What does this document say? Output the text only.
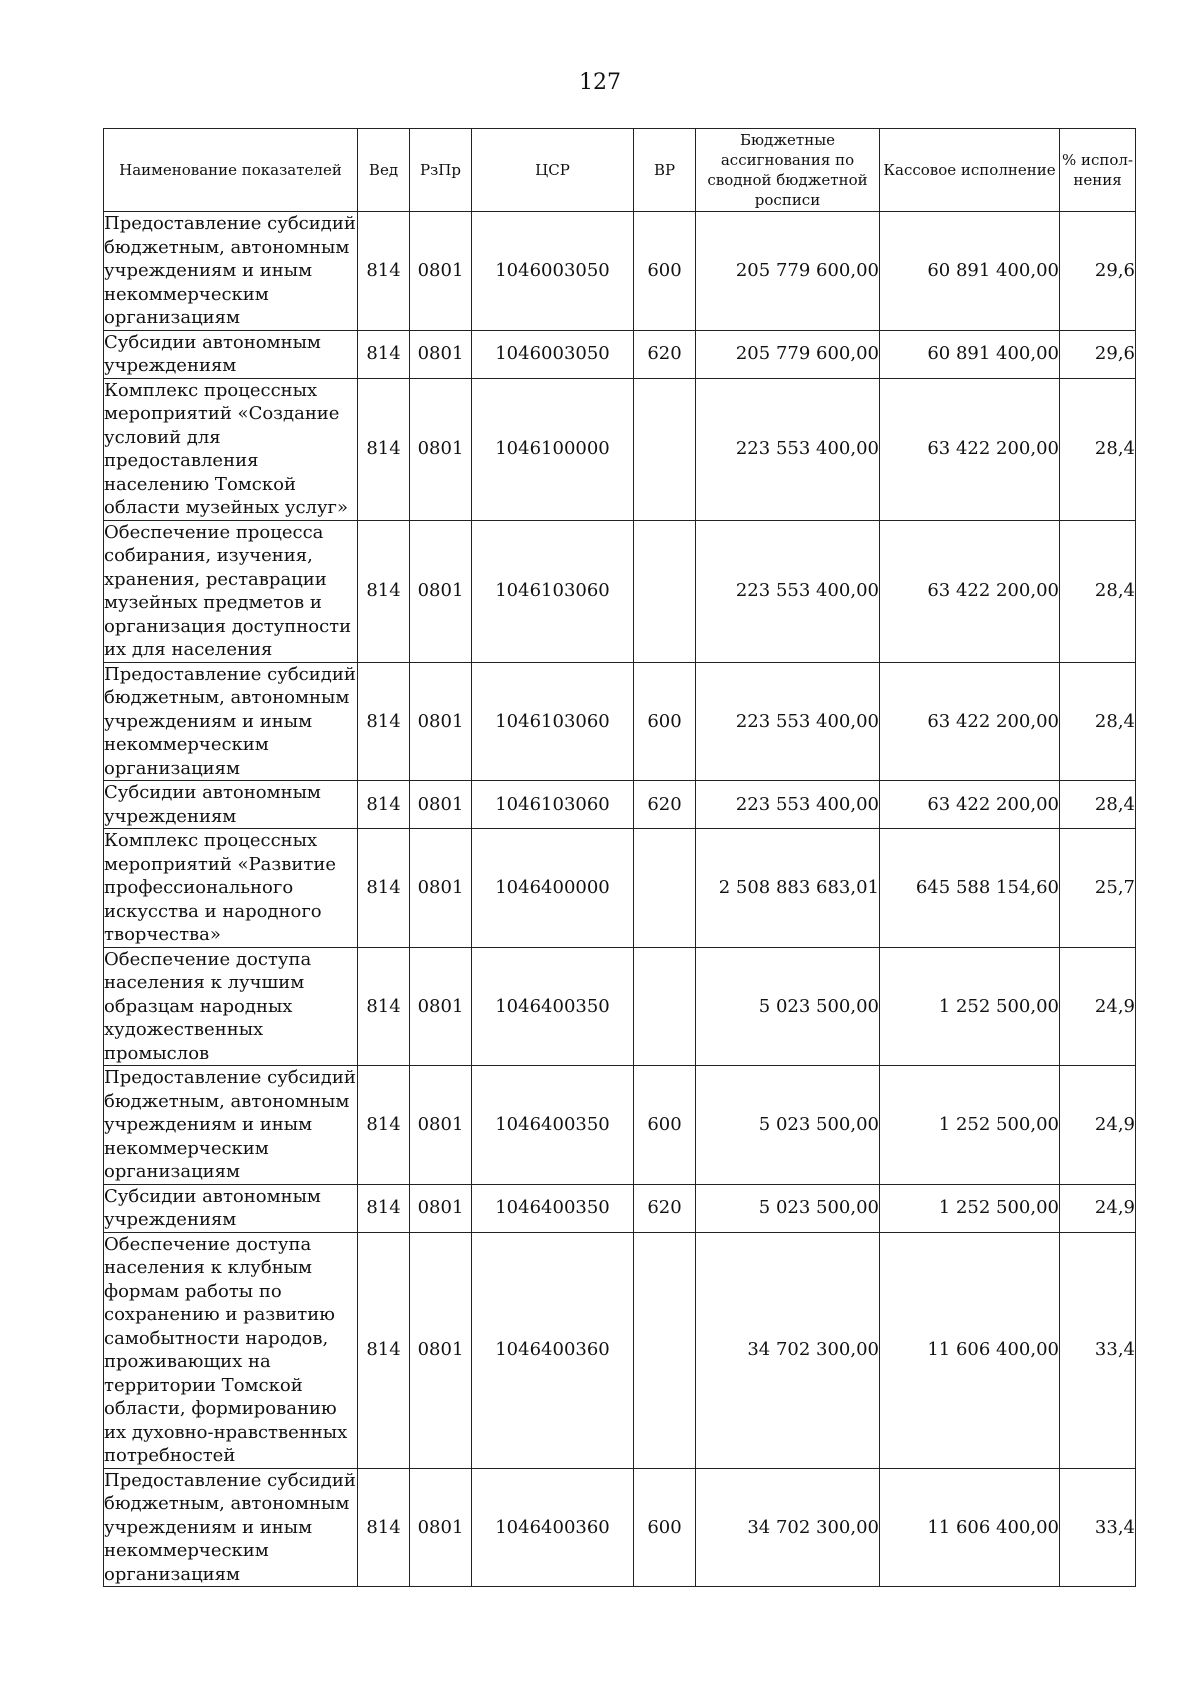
127
Наименование показателей	Вед	РзПр	ЦСР	ВР	Бюджетные ассигнования по сводной бюджетной росписи	Кассовое исполнение	% испол-нения
Предоставление субсидий бюджетным, автономным учреждениям и иным некоммерческим организациям	814	0801	1046003050	600	205 779 600,00	60 891 400,00	29,6
Субсидии автономным учреждениям	814	0801	1046003050	620	205 779 600,00	60 891 400,00	29,6
Комплекс процессных мероприятий «Создание условий для предоставления населению Томской области музейных услуг»	814	0801	1046100000		223 553 400,00	63 422 200,00	28,4
Обеспечение процесса собирания, изучения, хранения, реставрации музейных предметов и организация доступности их для населения	814	0801	1046103060		223 553 400,00	63 422 200,00	28,4
Предоставление субсидий бюджетным, автономным учреждениям и иным некоммерческим организациям	814	0801	1046103060	600	223 553 400,00	63 422 200,00	28,4
Субсидии автономным учреждениям	814	0801	1046103060	620	223 553 400,00	63 422 200,00	28,4
Комплекс процессных мероприятий «Развитие профессионального искусства и народного творчества»	814	0801	1046400000		2 508 883 683,01	645 588 154,60	25,7
Обеспечение доступа населения к лучшим образцам народных художественных промыслов	814	0801	1046400350		5 023 500,00	1 252 500,00	24,9
Предоставление субсидий бюджетным, автономным учреждениям и иным некоммерческим организациям	814	0801	1046400350	600	5 023 500,00	1 252 500,00	24,9
Субсидии автономным учреждениям	814	0801	1046400350	620	5 023 500,00	1 252 500,00	24,9
Обеспечение доступа населения к клубным формам работы по сохранению и развитию самобытности народов, проживающих на территории Томской области, формированию их духовно-нравственных потребностей	814	0801	1046400360		34 702 300,00	11 606 400,00	33,4
Предоставление субсидий бюджетным, автономным учреждениям и иным некоммерческим организациям	814	0801	1046400360	600	34 702 300,00	11 606 400,00	33,4
